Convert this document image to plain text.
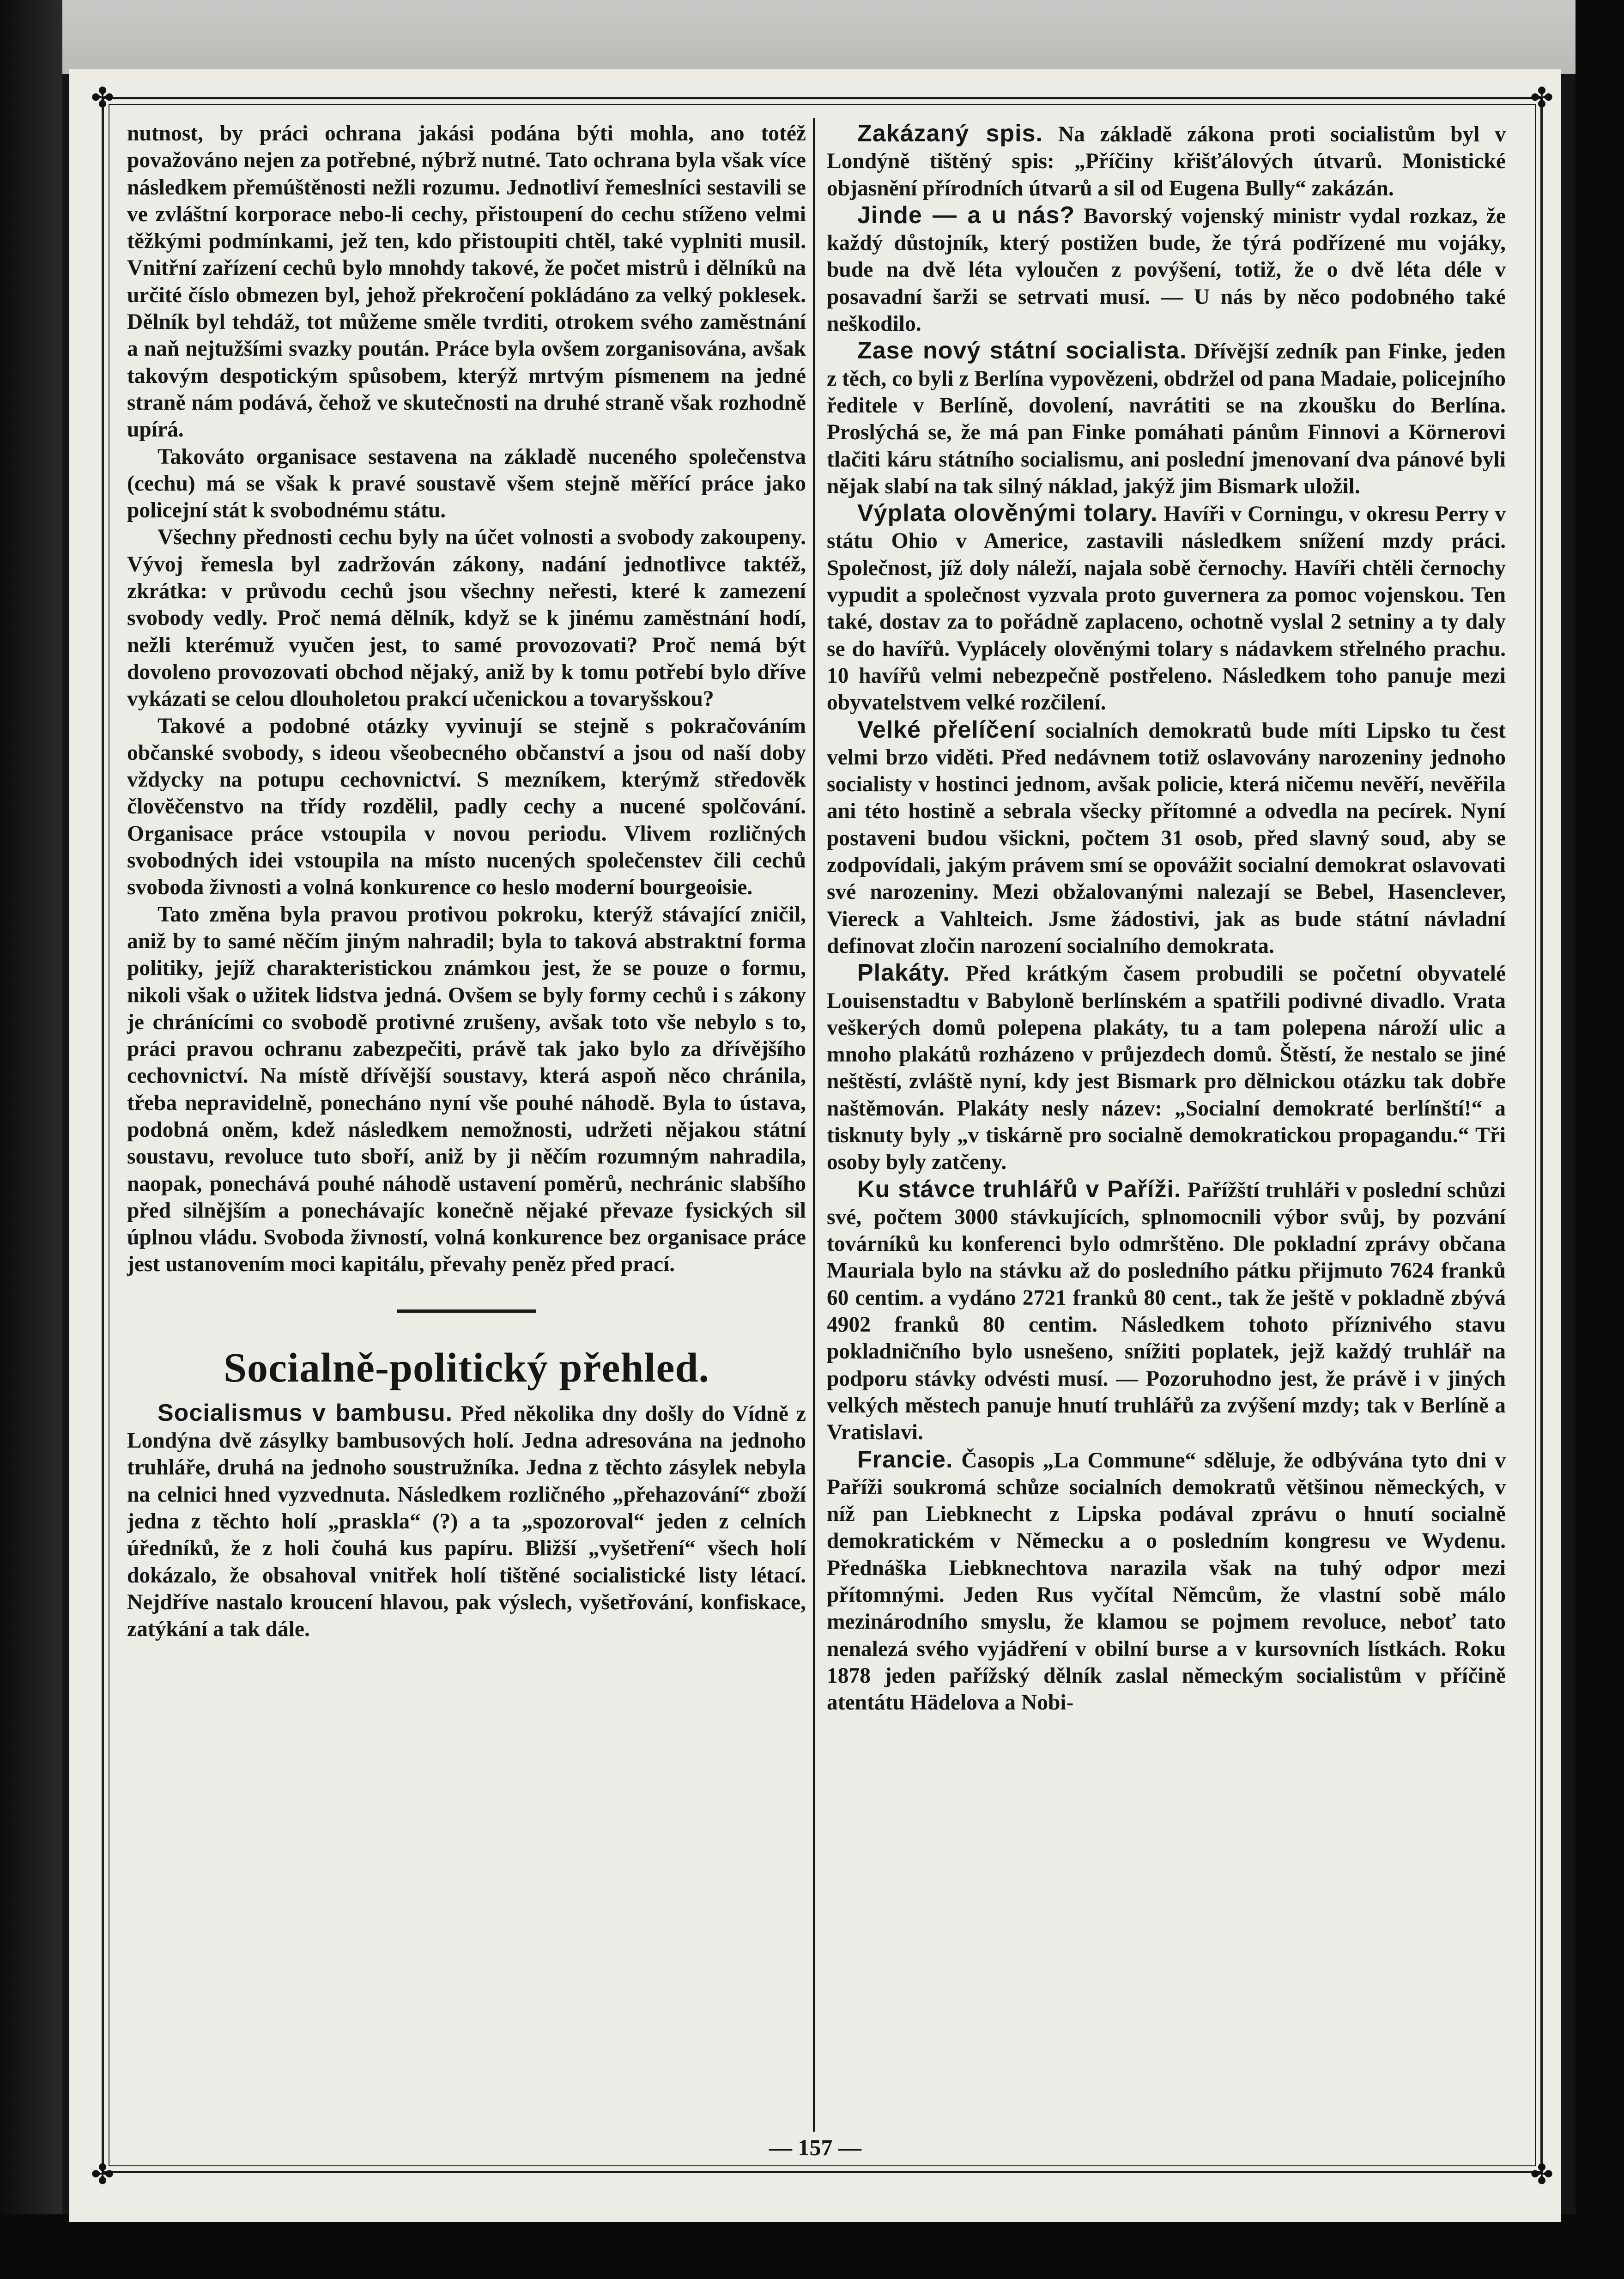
✤	✤
✤	✤

nutnost, by práci ochrana jakási podána býti mohla, ano totéž považováno nejen za potřebné, nýbrž nutné. Tato ochrana byla však více následkem přemúštěnosti nežli rozumu. Jednotliví řemeslníci sestavili se ve zvláštní korporace nebo-li cechy, přistoupení do cechu stíženo velmi těžkými podmínkami, jež ten, kdo přistoupiti chtěl, také vyplniti musil. Vnitřní zařízení cechů bylo mnohdy takové, že počet mistrů i dělníků na určité číslo obmezen byl, jehož překročení pokládáno za velký poklesek. Dělník byl tehdáž, tot můžeme směle tvrditi, otrokem svého zaměstnání a naň nejtužšími svazky poután. Práce byla ovšem zorganisována, avšak takovým despotickým spůsobem, kterýž mrtvým písmenem na jedné straně nám podává, čehož ve skutečnosti na druhé straně však rozhodně upírá.

Takováto organisace sestavena na základě nuceného společenstva (cechu) má se však k pravé soustavě všem stejně měřící práce jako policejní stát k svobodnému státu.

Všechny přednosti cechu byly na účet volnosti a svobody zakoupeny. Vývoj řemesla byl zadržován zákony, nadání jednotlivce taktéž, zkrátka: v průvodu cechů jsou všechny neřesti, které k zamezení svobody vedly. Proč nemá dělník, když se k jinému zaměstnání hodí, nežli kterémuž vyučen jest, to samé provozovati? Proč nemá být dovoleno provozovati obchod nějaký, aniž by k tomu potřebí bylo dříve vykázati se celou dlouholetou prakcí učenickou a tovaryšskou?

Takové a podobné otázky vyvinují se stejně s pokračováním občanské svobody, s ideou všeobecného občanství a jsou od naší doby vždycky na potupu cechovnictví. S mezníkem, kterýmž středověk človĕčenstvo na třídy rozdělil, padly cechy a nucené spolčování. Organisace práce vstoupila v novou periodu. Vlivem rozličných svobodných idei vstoupila na místo nucených společenstev čili cechů svoboda živnosti a volná konkurence co heslo moderní bourgeoisie.

Tato změna byla pravou protivou pokroku, kterýž stávající zničil, aniž by to samé něčím jiným nahradil; byla to taková abstraktní forma politiky, jejíž charakteristickou známkou jest, že se pouze o formu, nikoli však o užitek lidstva jedná. Ovšem se byly formy cechů i s zákony je chránícími co svobodě protivné zrušeny, avšak toto vše nebylo s to, práci pravou ochranu zabezpečiti, právě tak jako bylo za dřívějšího cechovnictví. Na místě dřívější soustavy, která aspoň něco chránila, třeba nepravidelně, ponecháno nyní vše pouhé náhodě. Byla to ústava, podobná oněm, kdež následkem nemožnosti, udržeti nějakou státní soustavu, revoluce tuto sboří, aniž by ji něčím rozumným nahradila, naopak, ponechává pouhé náhodě ustavení poměrů, nechránic slabšího před silnějším a ponechávajíc konečně nějaké převaze fysických sil úplnou vládu. Svoboda živností, volná konkurence bez organisace práce jest ustanovením moci kapitálu, převahy peněz před prací.

Socialně-politický přehled.

Socialismus v bambusu. Před několika dny došly do Vídně z Londýna dvě zásylky bambusových holí. Jedna adresována na jednoho truhláře, druhá na jednoho soustružníka. Jedna z těchto zásylek nebyla na celnici hned vyzvednuta. Následkem rozličného „přehazování“ zboží jedna z těchto holí „praskla“ (?) a ta „spozoroval“ jeden z celních úředníků, že z holi čouhá kus papíru. Bližší „vyšetření“ všech holí dokázalo, že obsahoval vnitřek holí tištěné socialistické listy létací. Nejdříve nastalo kroucení hlavou, pak výslech, vyšetřování, konfiskace, zatýkání a tak dále.

Zakázaný spis. Na základě zákona proti socialistům byl v Londýně tištěný spis: „Příčiny křišťálových útvarů. Monistické objasnění přírodních útvarů a sil od Eugena Bully“ zakázán.

Jinde — a u nás? Bavorský vojenský ministr vydal rozkaz, že každý důstojník, který postižen bude, že týrá podřízené mu vojáky, bude na dvě léta vyloučen z povýšení, totiž, že o dvě léta déle v posavadní šarži se setrvati musí. — U nás by něco podobného také neškodilo.

Zase nový státní socialista. Dřívější zedník pan Finke, jeden z těch, co byli z Berlína vypovězeni, obdržel od pana Madaie, policejního ředitele v Berlíně, dovolení, navrátiti se na zkoušku do Berlína. Proslýchá se, že má pan Finke pomáhati pánům Finnovi a Körnerovi tlačiti káru státního socialismu, ani poslední jmenovaní dva pánové byli nějak slabí na tak silný náklad, jakýž jim Bismark uložil.

Výplata olověnými tolary. Havíři v Corningu, v okresu Perry v státu Ohio v Americe, zastavili následkem snížení mzdy práci. Společnost, jíž doly náleží, najala sobě černochy. Havíři chtěli černochy vypudit a společnost vyzvala proto guvernera za pomoc vojenskou. Ten také, dostav za to pořádně zaplaceno, ochotně vyslal 2 setniny a ty daly se do havířů. Vyplácely olověnými tolary s nádavkem střelného prachu. 10 havířů velmi nebezpečně postřeleno. Následkem toho panuje mezi obyvatelstvem velké rozčilení.

Velké přelíčení socialních demokratů bude míti Lipsko tu čest velmi brzo viděti. Před nedávnem totiž oslavovány narozeniny jednoho socialisty v hostinci jednom, avšak policie, která ničemu nevěří, nevěřila ani této hostině a sebrala všecky přítomné a odvedla na pecírek. Nyní postaveni budou všickni, počtem 31 osob, před slavný soud, aby se zodpovídali, jakým právem smí se opovážit socialní demokrat oslavovati své narozeniny. Mezi obžalovanými nalezají se Bebel, Hasenclever, Viereck a Vahlteich. Jsme žádostivi, jak as bude státní návladní definovat zločin narození socialního demokrata.

Plakáty. Před krátkým časem probudili se početní obyvatelé Louisenstadtu v Babyloně berlínském a spatřili podivné divadlo. Vrata veškerých domů polepena plakáty, tu a tam polepena nároží ulic a mnoho plakátů rozházeno v průjezdech domů. Štěstí, že nestalo se jiné neštěstí, zvláště nyní, kdy jest Bismark pro dělnickou otázku tak dobře naštěmován. Plakáty nesly název: „Socialní demokraté berlínští!“ a tisknuty byly „v tiskárně pro socialně demokratickou propagandu.“ Tři osoby byly zatčeny.

Ku stávce truhlářů v Paříži. Pařížští truhláři v poslední schůzi své, počtem 3000 stávkujících, splnomocnili výbor svůj, by pozvání továrníků ku konferenci bylo odmrštěno. Dle pokladní zprávy občana Mauriala bylo na stávku až do posledního pátku přijmuto 7624 franků 60 centim. a vydáno 2721 franků 80 cent., tak že ještě v pokladně zbývá 4902 franků 80 centim. Následkem tohoto příznivého stavu pokladničního bylo usnešeno, snížiti poplatek, jejž každý truhlář na podporu stávky odvésti musí. — Pozoruhodno jest, že právě i v jiných velkých městech panuje hnutí truhlářů za zvýšení mzdy; tak v Berlíně a Vratislavi.

Francie. Časopis „La Commune“ sděluje, že odbývána tyto dni v Paříži soukromá schůze socialních demokratů většinou německých, v níž pan Liebknecht z Lipska podával zprávu o hnutí socialně demokratickém v Německu a o posledním kongresu ve Wydenu. Přednáška Liebknechtova narazila však na tuhý odpor mezi přítomnými. Jeden Rus vyčítal Němcům, že vlastní sobě málo mezinárodního smyslu, že klamou se pojmem revoluce, neboť tato nenalezá svého vyjádření v obilní burse a v kursovních lístkách. Roku 1878 jeden pařížský dělník zaslal německým socialistům v příčině atentátu Hädelova a Nobi-

— 157 —
